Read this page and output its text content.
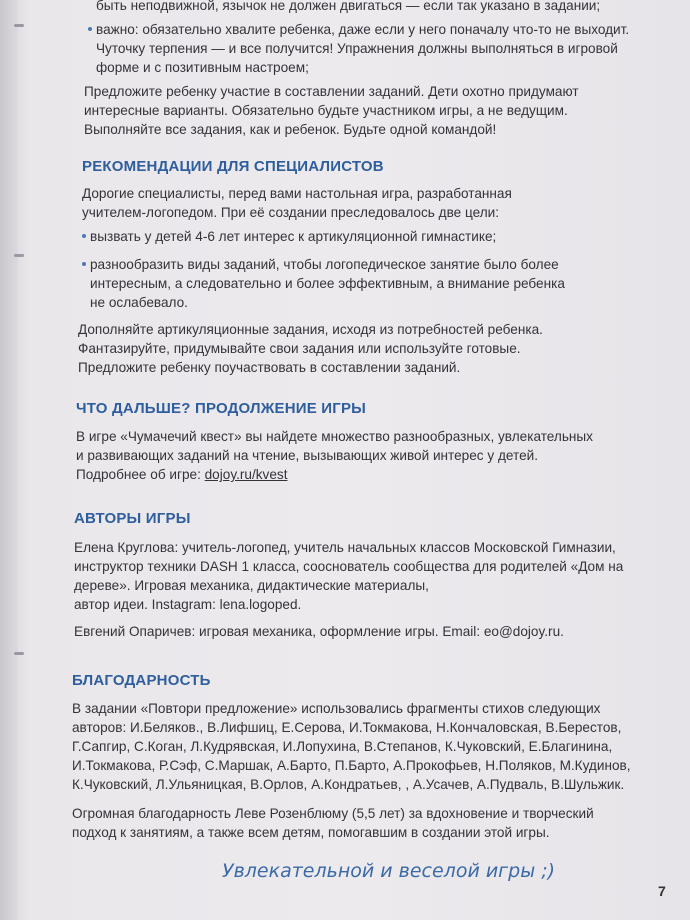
быть неподвижной, язычок не должен двигаться — если так указано в задании;

важно: обязательно хвалите ребенка, даже если у него поначалу что-то не выходит.

Чуточку терпения — и все получится! Упражнения должны выполняться в игровой

форме и с позитивным настроем;

Предложите ребенку участие в составлении заданий. Дети охотно придумают

интересные варианты. Обязательно будьте участником игры, а не ведущим.

Выполняйте все задания, как и ребенок. Будьте одной командой!

РЕКОМЕНДАЦИИ ДЛЯ СПЕЦИАЛИСТОВ

Дорогие специалисты, перед вами настольная игра, разработанная

учителем-логопедом. При её создании преследовалось две цели:

вызвать у детей 4-6 лет интерес к артикуляционной гимнастике;

разнообразить виды заданий, чтобы логопедическое занятие было более

интересным, а следовательно и более эффективным, а внимание ребенка

не ослабевало.

Дополняйте артикуляционные задания, исходя из потребностей ребенка.

Фантазируйте, придумывайте свои задания или используйте готовые.

Предложите ребенку поучаствовать в составлении заданий.

ЧТО ДАЛЬШЕ? ПРОДОЛЖЕНИЕ ИГРЫ

В игре «Чумачечий квест» вы найдете множество разнообразных, увлекательных

и развивающих заданий на чтение, вызывающих живой интерес у детей.

Подробнее об игре: dojoy.ru/kvest

АВТОРЫ ИГРЫ

Елена Круглова: учитель-логопед, учитель начальных классов Московской Гимназии,

инструктор техники DASH 1 класса, сооснователь сообщества для родителей «Дом на

дереве». Игровая механика, дидактические материалы,

автор идеи. Instagram: lena.logoped.

Евгений Опаричев: игровая механика, оформление игры. Email: eo@dojoy.ru.

БЛАГОДАРНОСТЬ

В задании «Повтори предложение» использовались фрагменты стихов следующих

авторов: И.Беляков., В.Лифшиц, Е.Серова, И.Токмакова, Н.Кончаловская, В.Берестов,

Г.Сапгир, С.Коган, Л.Кудрявская, И.Лопухина, В.Степанов, К.Чуковский, Е.Благинина,

И.Токмакова, Р.Сэф, С.Маршак, А.Барто, П.Барто, А.Прокофьев, Н.Поляков, М.Кудинов,

К.Чуковский, Л.Ульяницкая, В.Орлов, А.Кондратьев, , А.Усачев, А.Пудваль, В.Шульжик.

Огромная благодарность Леве Розенблюму (5,5 лет) за вдохновение и творческий

подход к занятиям, а также всем детям, помогавшим в создании этой игры.

Увлекательной и веселой игры ;)
7
